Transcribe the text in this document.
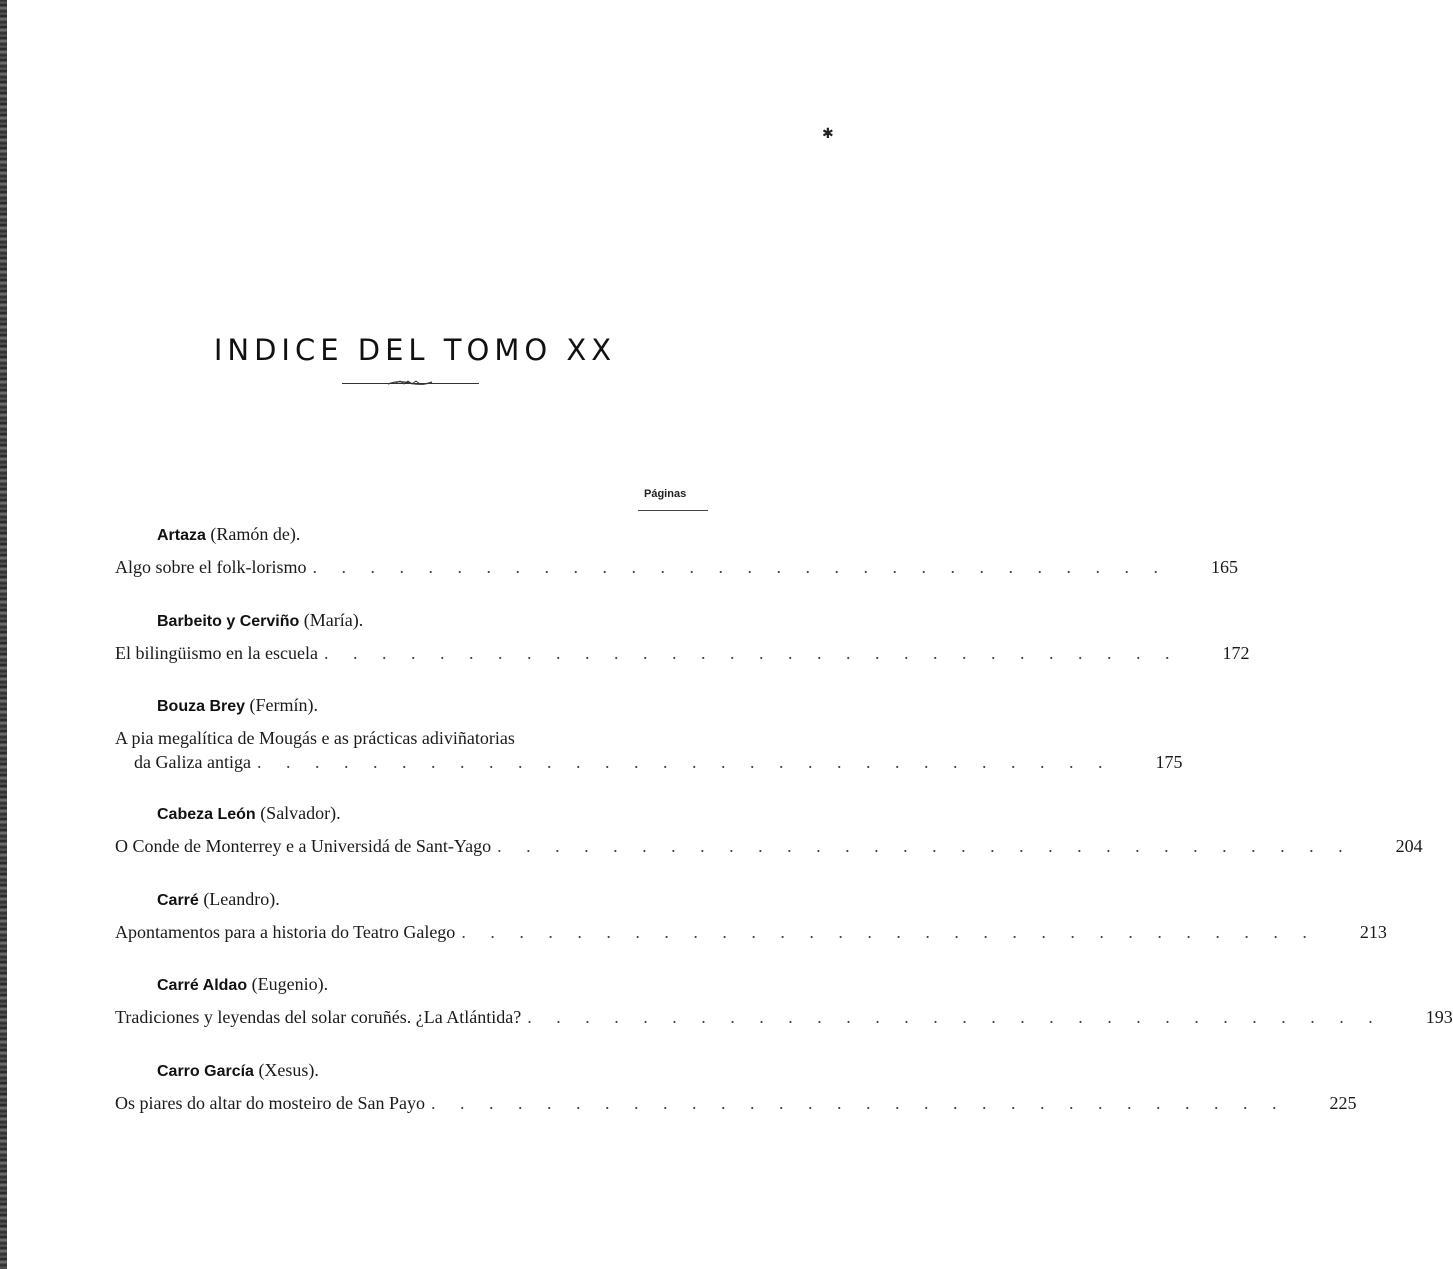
✱
INDICE DEL TOMO XX
Páginas
Artaza (Ramón de).
Algo sobre el folk-lorismo . . . . . . . . . . . . . . . . . . . . . . . . . . . . . .	165
Barbeito y Cerviño (María).
El bilingüismo en la escuela . . . . . . . . . . . . . . . . . . . . . . . . . . . . . .	172
Bouza Brey (Fermín).
A pia megalítica de Mougás e as prácticas adiviñatorias
da Galiza antiga . . . . . . . . . . . . . . . . . . . . . . . . . . . . . .	175
Cabeza León (Salvador).
O Conde de Monterrey e a Universidá de Sant-Yago . . . . . . . . . . . . . . . . . . . . . . . . . . . . . .	204
Carré (Leandro).
Apontamentos para a historia do Teatro Galego . . . . . . . . . . . . . . . . . . . . . . . . . . . . . .	213
Carré Aldao (Eugenio).
Tradiciones y leyendas del solar coruñés. ¿La Atlántida? . . . . . . . . . . . . . . . . . . . . . . . . . . . . . .	193
Carro García (Xesus).
Os piares do altar do mosteiro de San Payo . . . . . . . . . . . . . . . . . . . . . . . . . . . . . .	225
